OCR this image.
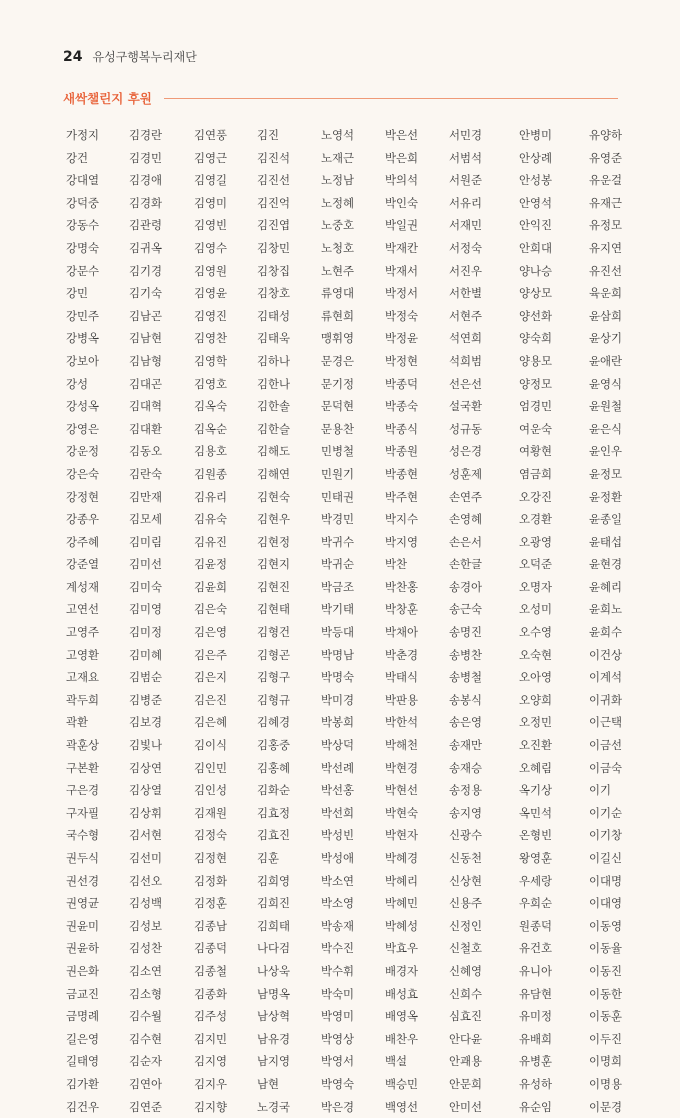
24 유성구행복누리재단
새싹챌린지 후원
가정지	김경란	김연풍	김진	노영석	박은선	서민경	안병미	유양하
강건	김경민	김영근	김진석	노재근	박은희	서범석	안상례	유영준
강대열	김경애	김영길	김진선	노정남	박의석	서원준	안성봉	유운걸
강덕중	김경화	김영미	김진억	노정혜	박인숙	서유리	안영석	유재근
강동수	김관령	김영빈	김진엽	노중호	박일권	서재민	안익진	유정모
강명숙	김귀옥	김영수	김창민	노청호	박재칸	서정숙	안희대	유지연
강문수	김기경	김영원	김창집	노현주	박재서	서진우	양나승	유진선
강민	김기숙	김영윤	김창호	류영대	박정서	서한별	양상모	육운희
강민주	김남곤	김영진	김태성	류현희	박정숙	서현주	양선화	윤삼희
강병옥	김남현	김영찬	김태욱	맹휘영	박정윤	석연희	양숙희	윤상기
강보아	김남형	김영학	김하나	문경은	박정현	석희범	양용모	윤애란
강성	김대곤	김영호	김한나	문기정	박종덕	선은선	양정모	윤영식
강성옥	김대혁	김옥숙	김한솔	문덕현	박종숙	설국환	엄경민	윤원철
강영은	김대환	김옥순	김한슬	문용찬	박종식	성규동	여운숙	윤은식
강운정	김동오	김용호	김해도	민병철	박종원	성은경	여황현	윤인우
강은숙	김란숙	김원종	김해연	민원기	박종현	성훈제	염금희	윤정모
강정현	김만재	김유리	김현숙	민태권	박주현	손연주	오강진	윤정환
강종우	김모세	김유숙	김현우	박경민	박지수	손영혜	오경환	윤종일
강주혜	김미림	김유진	김현정	박귀수	박지영	손은서	오광영	윤태섭
강준열	김미선	김윤정	김현지	박귀순	박찬	손한글	오덕준	윤현경
계성재	김미숙	김윤희	김현진	박금조	박찬홍	송경아	오명자	윤혜리
고연선	김미영	김은숙	김현태	박기태	박창훈	송근숙	오성미	윤희노
고영주	김미정	김은영	김형건	박등대	박채아	송명진	오수영	윤희수
고영환	김미혜	김은주	김형곤	박명남	박춘경	송병찬	오숙현	이건상
고재요	김범순	김은지	김형구	박명숙	박태식	송병철	오아영	이계석
곽두희	김병준	김은진	김형규	박미경	박판용	송봉식	오양희	이귀화
곽환	김보경	김은혜	김혜경	박봉희	박한석	송은영	오정민	이근택
곽훈상	김빛나	김이식	김홍중	박상덕	박해천	송재만	오진환	이금선
구본환	김상연	김인민	김홍혜	박선례	박현경	송재승	오혜림	이금숙
구은경	김상열	김인성	김화순	박선홍	박현선	송정용	옥기상	이기
구자필	김상휘	김재원	김효정	박선희	박현숙	송지영	옥민석	이기순
국수형	김서현	김정숙	김효진	박성빈	박현자	신광수	온형빈	이기창
권두식	김선미	김정현	김훈	박성애	박혜경	신동천	왕영훈	이길신
권선경	김선오	김정화	김희영	박소연	박혜리	신상현	우세랑	이대명
권영균	김성백	김정훈	김희진	박소영	박혜민	신용주	우희순	이대영
권윤미	김성보	김종남	김희태	박송재	박혜성	신정인	원종덕	이동영
권윤하	김성찬	김종덕	나다검	박수진	박효우	신철호	유건호	이동율
권은화	김소연	김종철	나상욱	박수휘	배경자	신혜영	유니아	이동진
금교진	김소형	김종화	남명옥	박숙미	배성효	신희수	유담현	이동한
금명례	김수월	김주성	남상혁	박영미	배영옥	심효진	유미정	이동훈
길은영	김수현	김지민	남유경	박영상	배찬우	안다윤	유배희	이두진
길태영	김순자	김지영	남지영	박영서	백설	안괘용	유병훈	이명희
김가환	김연아	김지우	남현	박영숙	백승민	안문희	유성하	이명용
김건우	김연준	김지향	노경국	박은경	백영선	안미선	유순임	이문경
